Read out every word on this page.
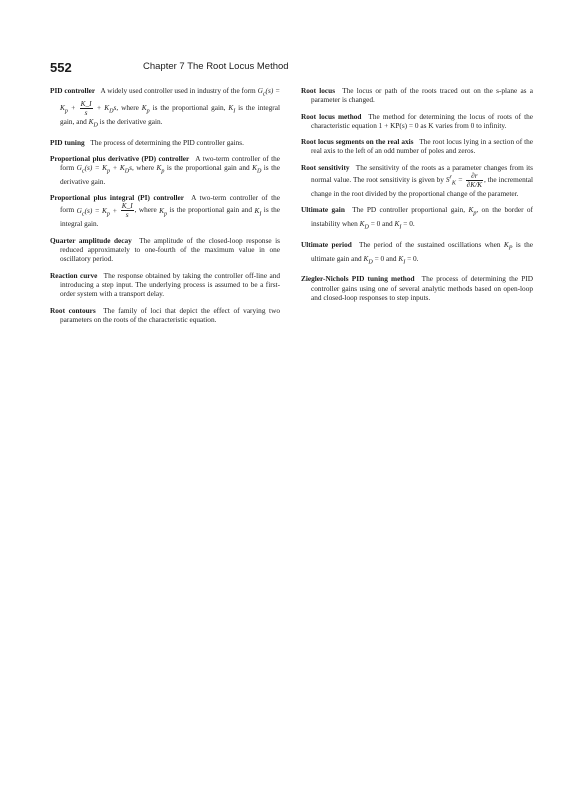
552	Chapter 7 The Root Locus Method

PID controller A widely used controller used in industry of the form $G_c(s) = K_p + \frac{K\_I}{s} + K_Ds$, where $K_p$ is the proportional gain, $K_I$ is the integral gain, and $K_D$ is the derivative gain.

PID tuning The process of determining the PID controller gains.

Proportional plus derivative (PD) controller A two-term controller of the form $G_c(s) = K_p + K_Ds$, where $K_p$ is the proportional gain and $K_D$ is the derivative gain.

Proportional plus integral (PI) controller A two-term controller of the form $G_c(s) = K_p + \frac{K\_I}{s}$ , where $K_p$ is the proportional gain and $K_I$ is the integral gain.

Quarter amplitude decay The amplitude of the closed-loop response is reduced approximately to one-fourth of the maximum value in one oscillatory period.

Reaction curve The response obtained by taking the controller off-line and introducing a step input. The underlying process is assumed to be a first-order system with a transport delay.

Root contours The family of loci that depict the effect of varying two parameters on the roots of the characteristic equation.

Root locus The locus or path of the roots traced out on the s-plane as a parameter is changed.

Root locus method The method for determining the locus of roots of the characteristic equation 1 + KP(s) = 0 as K varies from 0 to infinity.

Root locus segments on the real axis The root locus lying in a section of the real axis to the left of an odd number of poles and zeros.

Root sensitivity The sensitivity of the roots as a parameter changes from its normal value. The root sensitivity is given by $S^r_K = \frac{\partial r}{\partial K/K}$ , the incremental change in the root divided by the proportional change of the parameter.

Ultimate gain The PD controller proportional gain, $K_p$, on the border of instability when $K_D = 0$ and $K_I = 0$.

Ultimate period The period of the sustained oscillations when $K_P$ is the ultimate gain and $K_D = 0$ and $K_I = 0$.

Ziegler-Nichols PID tuning method The process of determining the PID controller gains using one of several analytic methods based on open-loop and closed-loop responses to step inputs.
